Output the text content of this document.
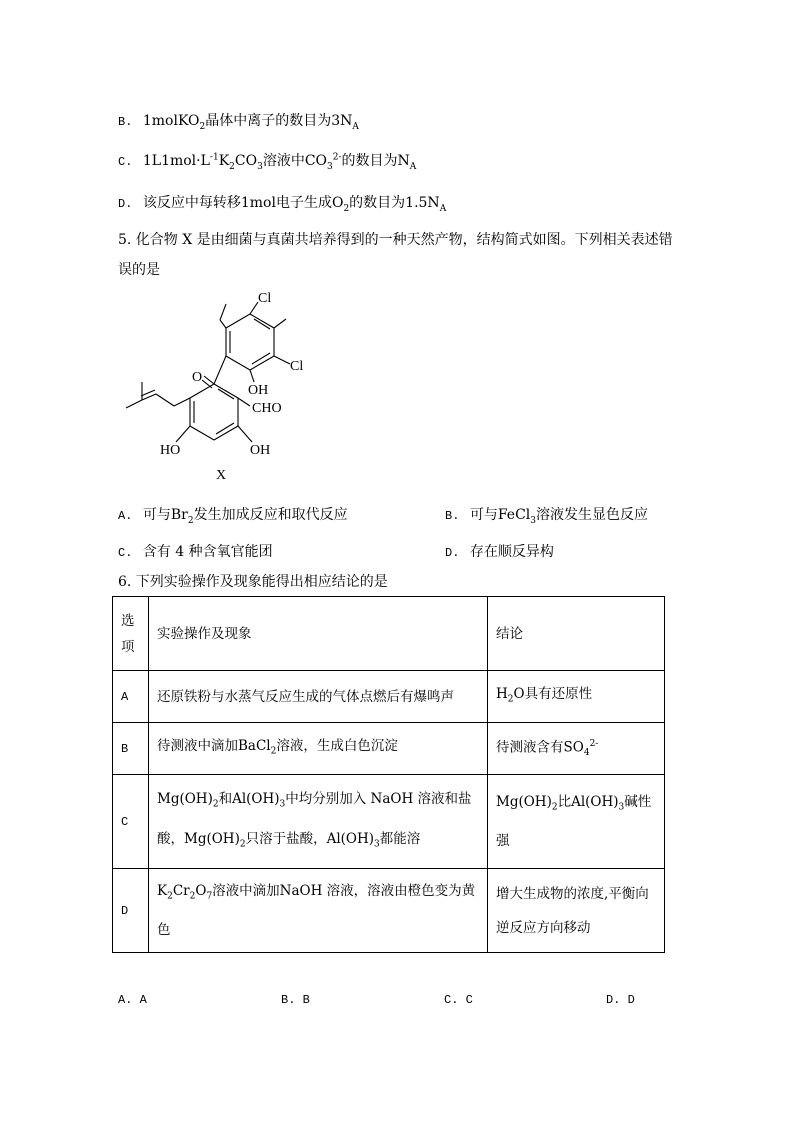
B. 1molKO$_2$晶体中离子的数目为$3N_A$
C. $1L1mol\cdot L^{-1}K_2CO_3$溶液中$CO_3^{2-}$的数目为$N_A$
D. 该反应中每转移1mol电子生成$O_2$的数目为$1.5N_A$
5. 化合物 X 是由细菌与真菌共培养得到的一种天然产物，结构简式如图。下列相关表述错
误的是
Cl
Cl
OH
CHO
HO	OH
O
X
A. 可与$Br_2$发生加成反应和取代反应	B. 可与FeCl$_3$溶液发生显色反应
C. 含有 4 种含氧官能团	D. 存在顺反异构
6. 下列实验操作及现象能得出相应结论的是
选
项	实验操作及现象	结论
A	还原铁粉与水蒸气反应生成的气体点燃后有爆鸣声	$H_2O$具有还原性
B	待测液中滴加BaCl$_2$溶液，生成白色沉淀	待测液含有$SO_4^{2-}$
C	$Mg(OH)_2$和$Al(OH)_3$中均分别加入 NaOH 溶液和盐酸，$Mg(OH)_2$只溶于盐酸，$Al(OH)_3$都能溶	$Mg(OH)_2$比$Al(OH)_3$碱性强
D	$K_2Cr_2O_7$溶液中滴加NaOH 溶液，溶液由橙色变为黄色	增大生成物的浓度,平衡向逆反应方向移动
A. A	B. B	C. C	D. D
